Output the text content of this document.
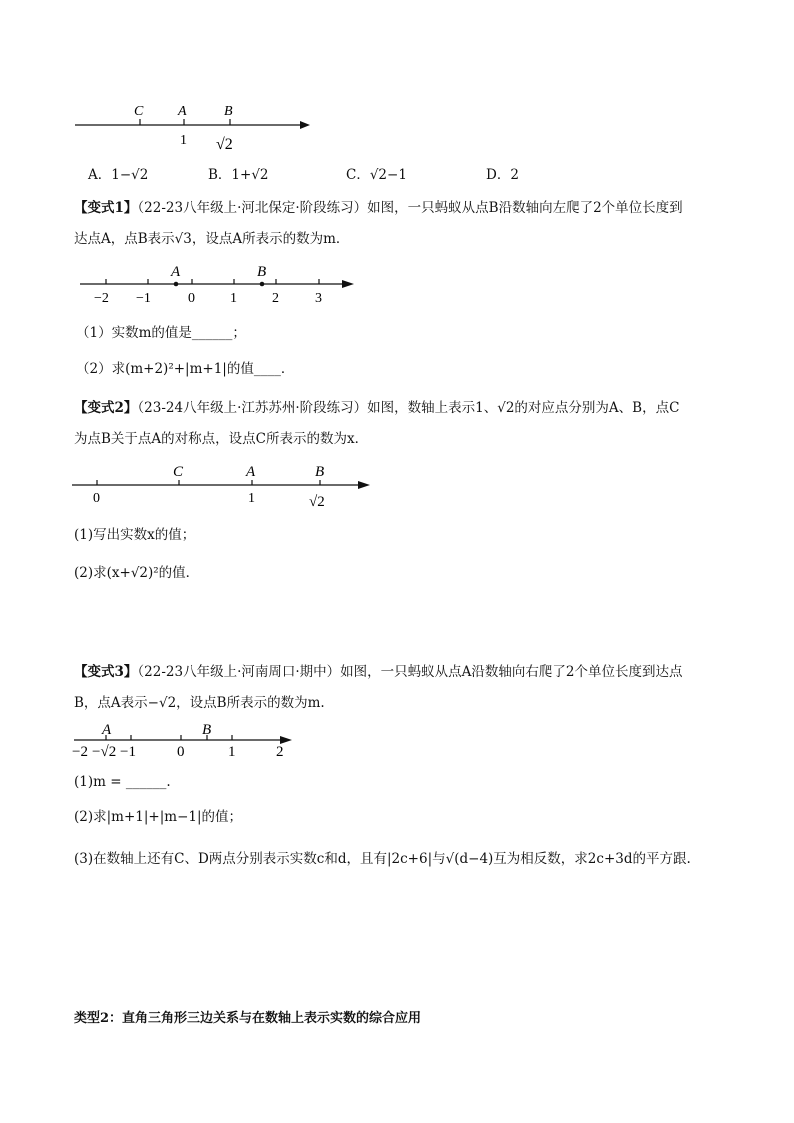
C A	B
1 √2
A．1−√2	B．1+√2	C．√2−1	D．2
【变式1】（22-23八年级上·河北保定·阶段练习）如图，一只蚂蚁从点B沿数轴向左爬了2个单位长度到
达点A，点B表示√3，设点A所表示的数为m．
A	B
−2 −1	0	1	2	3
（1）实数m的值是______；
（2）求(m+2)²+|m+1|的值____．
【变式2】（23-24八年级上·江苏苏州·阶段练习）如图，数轴上表示1、√2的对应点分别为A、B，点C
为点B关于点A的对称点，设点C所表示的数为x．
C	A	B
0	1	√2
(1)写出实数x的值；
(2)求(x+√2)²的值．
【变式3】（22-23八年级上·河南周口·期中）如图，一只蚂蚁从点A沿数轴向右爬了2个单位长度到达点
B，点A表示−√2，设点B所表示的数为m.
A	B
−2 −√2 −1	0	1	2
(1)m = ______.
(2)求|m+1|+|m−1|的值；
(3)在数轴上还有C、D两点分别表示实数c和d，且有|2c+6|与√(d−4)互为相反数，求2c+3d的平方跟.
类型2：直角三角形三边关系与在数轴上表示实数的综合应用
